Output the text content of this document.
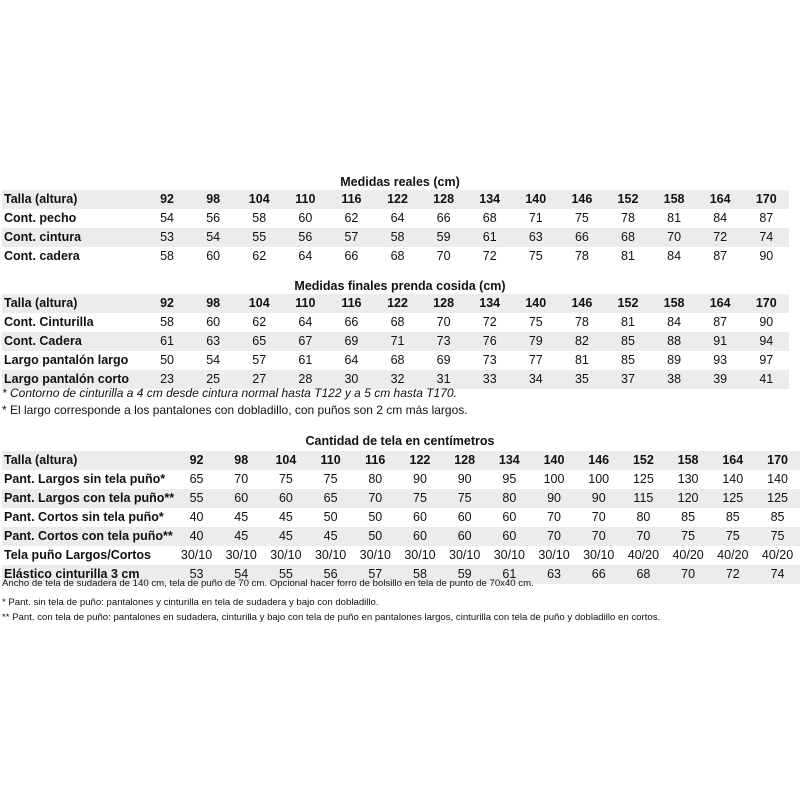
Medidas reales (cm)
Talla (altura)	92	98	104	110	116	122	128	134	140	146	152	158	164	170
Cont. pecho	54	56	58	60	62	64	66	68	71	75	78	81	84	87
Cont. cintura	53	54	55	56	57	58	59	61	63	66	68	70	72	74
Cont. cadera	58	60	62	64	66	68	70	72	75	78	81	84	87	90
Medidas finales prenda cosida (cm)
Talla (altura)	92	98	104	110	116	122	128	134	140	146	152	158	164	170
Cont. Cinturilla	58	60	62	64	66	68	70	72	75	78	81	84	87	90
Cont. Cadera	61	63	65	67	69	71	73	76	79	82	85	88	91	94
Largo pantalón largo	50	54	57	61	64	68	69	73	77	81	85	89	93	97
Largo pantalón corto	23	25	27	28	30	32	31	33	34	35	37	38	39	41
* Contorno de cinturilla a 4 cm desde cintura normal hasta T122 y a 5 cm hasta T170.
* El largo corresponde a los pantalones con dobladillo, con puños son 2 cm más largos.
Cantidad de tela en centímetros
Talla (altura)	92	98	104	110	116	122	128	134	140	146	152	158	164	170
Pant. Largos sin tela puño*	65	70	75	75	80	90	90	95	100	100	125	130	140	140
Pant. Largos con tela puño**	55	60	60	65	70	75	75	80	90	90	115	120	125	125
Pant. Cortos sin tela puño*	40	45	45	50	50	60	60	60	70	70	80	85	85	85
Pant. Cortos con tela puño**	40	45	45	45	50	60	60	60	70	70	70	75	75	75
Tela puño Largos/Cortos	30/10	30/10	30/10	30/10	30/10	30/10	30/10	30/10	30/10	30/10	40/20	40/20	40/20	40/20
Elástico cinturilla 3 cm	53	54	55	56	57	58	59	61	63	66	68	70	72	74
Ancho de tela de sudadera de 140 cm, tela de puño de 70 cm. Opcional hacer forro de bolsillo en tela de punto de 70x40 cm.
* Pant. sin tela de puño: pantalones y cinturilla en tela de sudadera y bajo con dobladillo.
** Pant. con tela de puño: pantalones en sudadera, cinturilla y bajo con tela de puño en pantalones largos, cinturilla con tela de puño y dobladillo en cortos.
